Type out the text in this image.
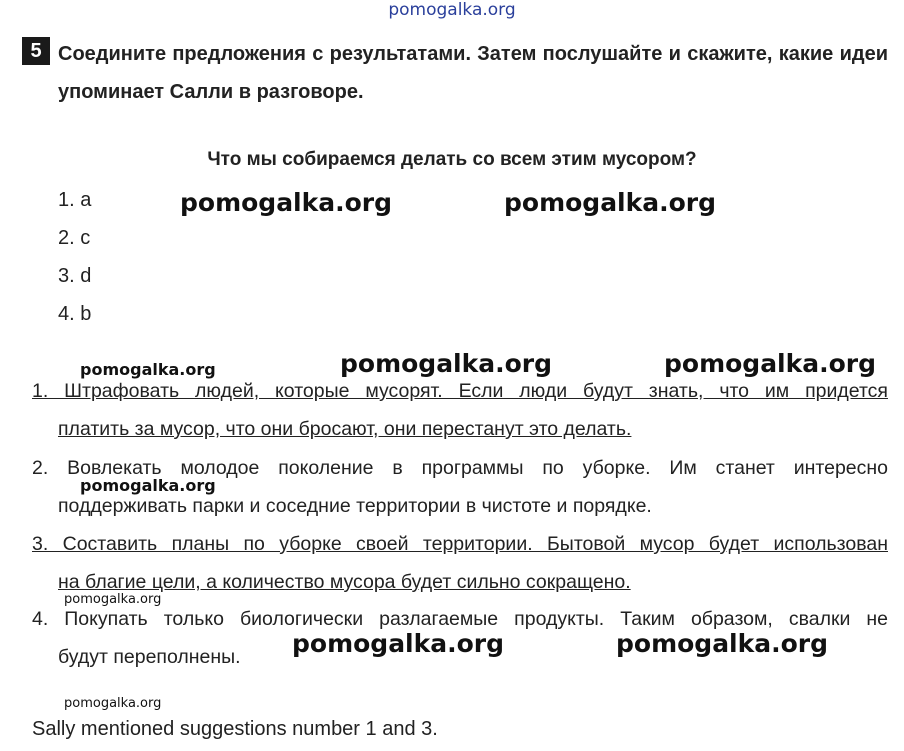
pomogalka.org
5 Соедините предложения с результатами. Затем послушайте и скажите, какие идеи упоминает Салли в разговоре.
Что мы собираемся делать со всем этим мусором?
1. a
2. c
3. d
4. b
pomogalka.org	pomogalka.org
pomogalka.org	pomogalka.org	pomogalka.org
pomogalka.org
pomogalka.org
pomogalka.org	pomogalka.org
pomogalka.org
1. Штрафовать людей, которые мусорят. Если люди будут знать, что им придется
платить за мусор, что они бросают, они перестанут это делать.
2. Вовлекать молодое поколение в программы по уборке. Им станет интересно
поддерживать парки и соседние территории в чистоте и порядке.
3. Составить планы по уборке своей территории. Бытовой мусор будет использован
на благие цели, а количество мусора будет сильно сокращено.
4. Покупать только биологически разлагаемые продукты. Таким образом, свалки не
будут переполнены.
Sally mentioned suggestions number 1 and 3.
